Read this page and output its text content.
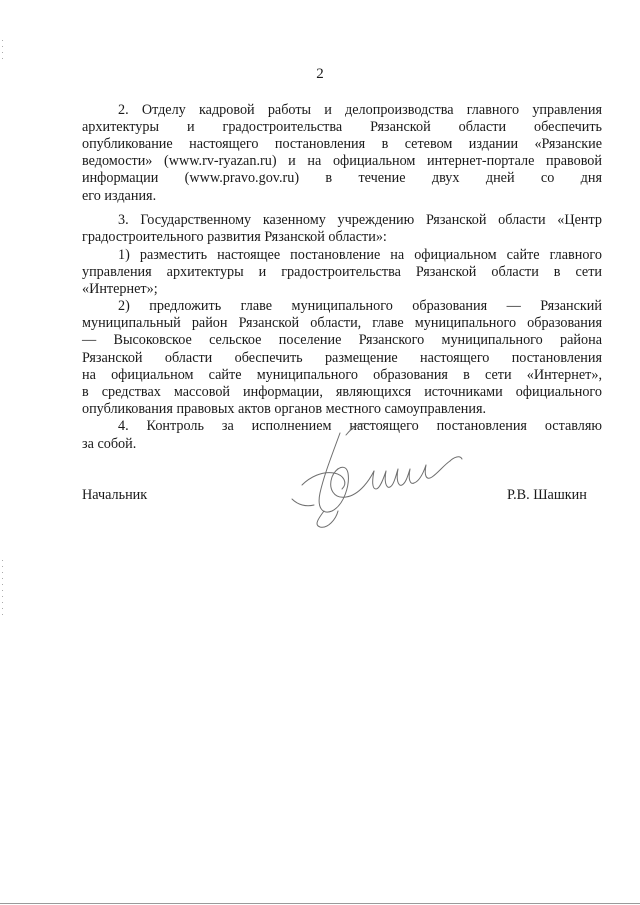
2
2. Отделу кадровой работы и делопроизводства главного управления
архитектуры и градостроительства Рязанской области обеспечить
опубликование настоящего постановления в сетевом издании «Рязанские
ведомости» (www.rv-ryazan.ru) и на официальном интернет-портале правовой
информации (www.pravo.gov.ru) в течение двух дней со дня
его издания.
3. Государственному казенному учреждению Рязанской области «Центр
градостроительного развития Рязанской области»:
1) разместить настоящее постановление на официальном сайте главного
управления архитектуры и градостроительства Рязанской области в сети
«Интернет»;
2) предложить главе муниципального образования — Рязанский
муниципальный район Рязанской области, главе муниципального образования
— Высоковское сельское поселение Рязанского муниципального района
Рязанской области обеспечить размещение настоящего постановления
на официальном сайте муниципального образования в сети «Интернет»,
в средствах массовой информации, являющихся источниками официального
опубликования правовых актов органов местного самоуправления.
4. Контроль за исполнением настоящего постановления оставляю
за собой.
Начальник	Р.В. Шашкин
